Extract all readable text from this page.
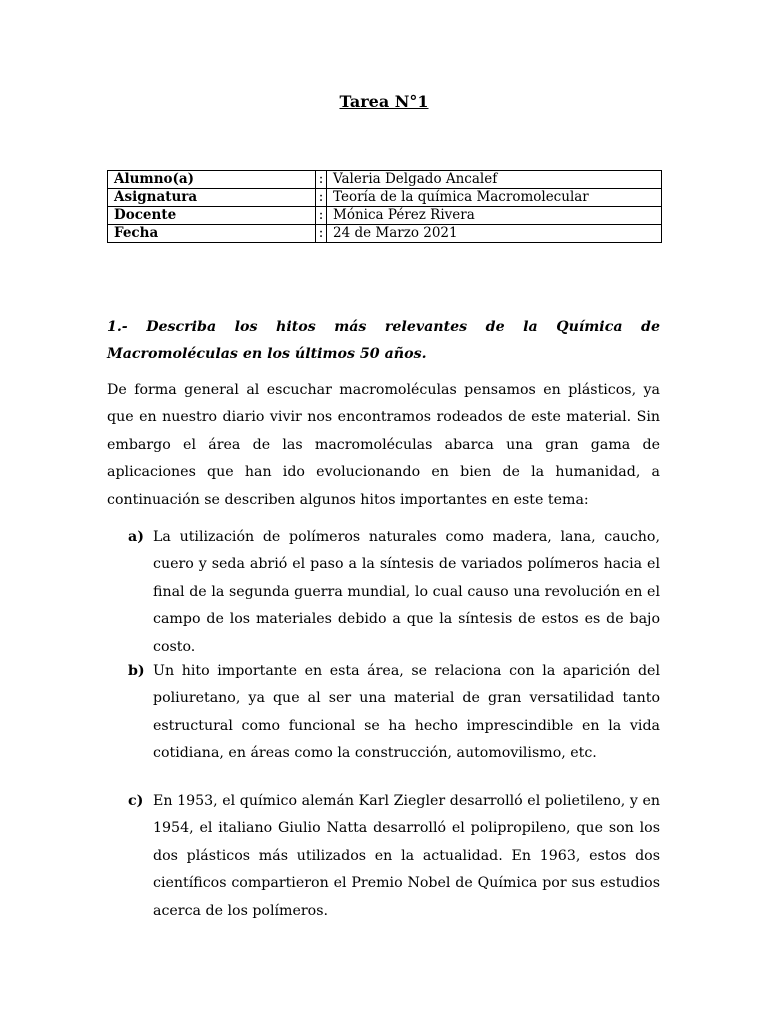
Tarea N°1
Alumno(a)	:	Valeria Delgado Ancalef
Asignatura	:	Teoría de la química Macromolecular
Docente	:	Mónica Pérez Rivera
Fecha	:	24 de Marzo 2021
1.- Describa los hitos más relevantes de la Química de Macromoléculas en los últimos 50 años.
De forma general al escuchar macromoléculas pensamos en plásticos, ya que en nuestro diario vivir nos encontramos rodeados de este material. Sin embargo el área de las macromoléculas abarca una gran gama de aplicaciones que han ido evolucionando en bien de la humanidad, a continuación se describen algunos hitos importantes en este tema:
a) La utilización de polímeros naturales como madera, lana, caucho, cuero y seda abrió el paso a la síntesis de variados polímeros hacia el final de la segunda guerra mundial, lo cual causo una revolución en el campo de los materiales debido a que la síntesis de estos es de bajo costo.
b) Un hito importante en esta área, se relaciona con la aparición del poliuretano, ya que al ser una material de gran versatilidad tanto estructural como funcional se ha hecho imprescindible en la vida cotidiana, en áreas como la construcción, automovilismo, etc.
c) En 1953, el químico alemán Karl Ziegler desarrolló el polietileno, y en 1954, el italiano Giulio Natta desarrolló el polipropileno, que son los dos plásticos más utilizados en la actualidad. En 1963, estos dos científicos compartieron el Premio Nobel de Química por sus estudios acerca de los polímeros.
